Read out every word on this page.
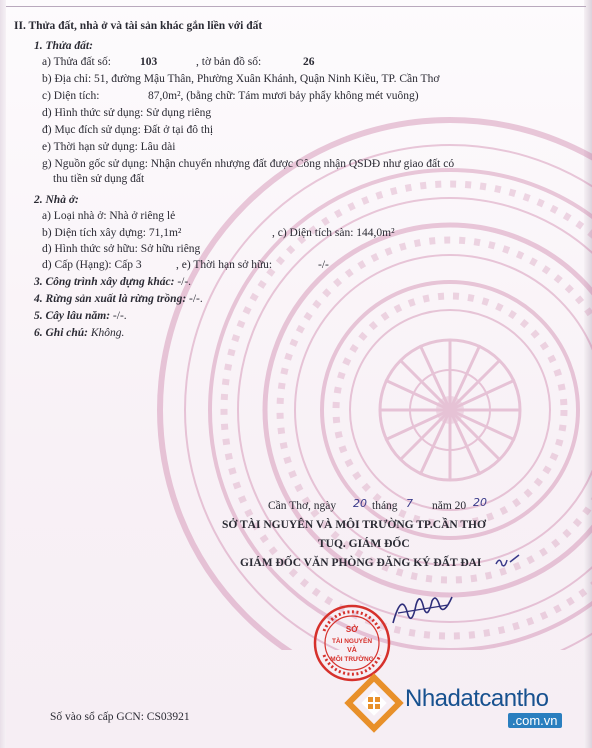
II. Thửa đất, nhà ở và tài sản khác gắn liền với đất
1. Thửa đất:
a) Thửa đất số:	103	, tờ bản đồ số:	26
b) Địa chỉ: 51, đường Mậu Thân, Phường Xuân Khánh, Quận Ninh Kiều, TP. Cần Thơ
c) Diện tích:	87,0m², (bằng chữ: Tám mươi bảy phẩy không mét vuông)
d) Hình thức sử dụng: Sử dụng riêng
đ) Mục đích sử dụng: Đất ở tại đô thị
e) Thời hạn sử dụng: Lâu dài
g) Nguồn gốc sử dụng: Nhận chuyển nhượng đất được Công nhận QSDĐ như giao đất có
thu tiền sử dụng đất
2. Nhà ở:
a) Loại nhà ở: Nhà ở riêng lẻ
b) Diện tích xây dựng: 71,1m²	, c) Diện tích sàn: 144,0m²
d) Hình thức sở hữu: Sở hữu riêng
d) Cấp (Hạng): Cấp 3	, e) Thời hạn sở hữu:	-/-
3. Công trình xây dựng khác: -/-.
4. Rừng sản xuất là rừng trồng: -/-.
5. Cây lâu năm: -/-.
6. Ghi chú: Không.
Cần Thơ, ngày 20 tháng 7 năm 20 20
SỞ TÀI NGUYÊN VÀ MÔI TRƯỜNG TP.CẦN THƠ
TUQ. GIÁM ĐỐC
GIÁM ĐỐC VĂN PHÒNG ĐĂNG KÝ ĐẤT ĐAI
SỞ
TÀI NGUYÊN
VÀ
MÔI TRƯỜNG
Số vào sổ cấp GCN: CS03921
Nhadatcantho
.com.vn
